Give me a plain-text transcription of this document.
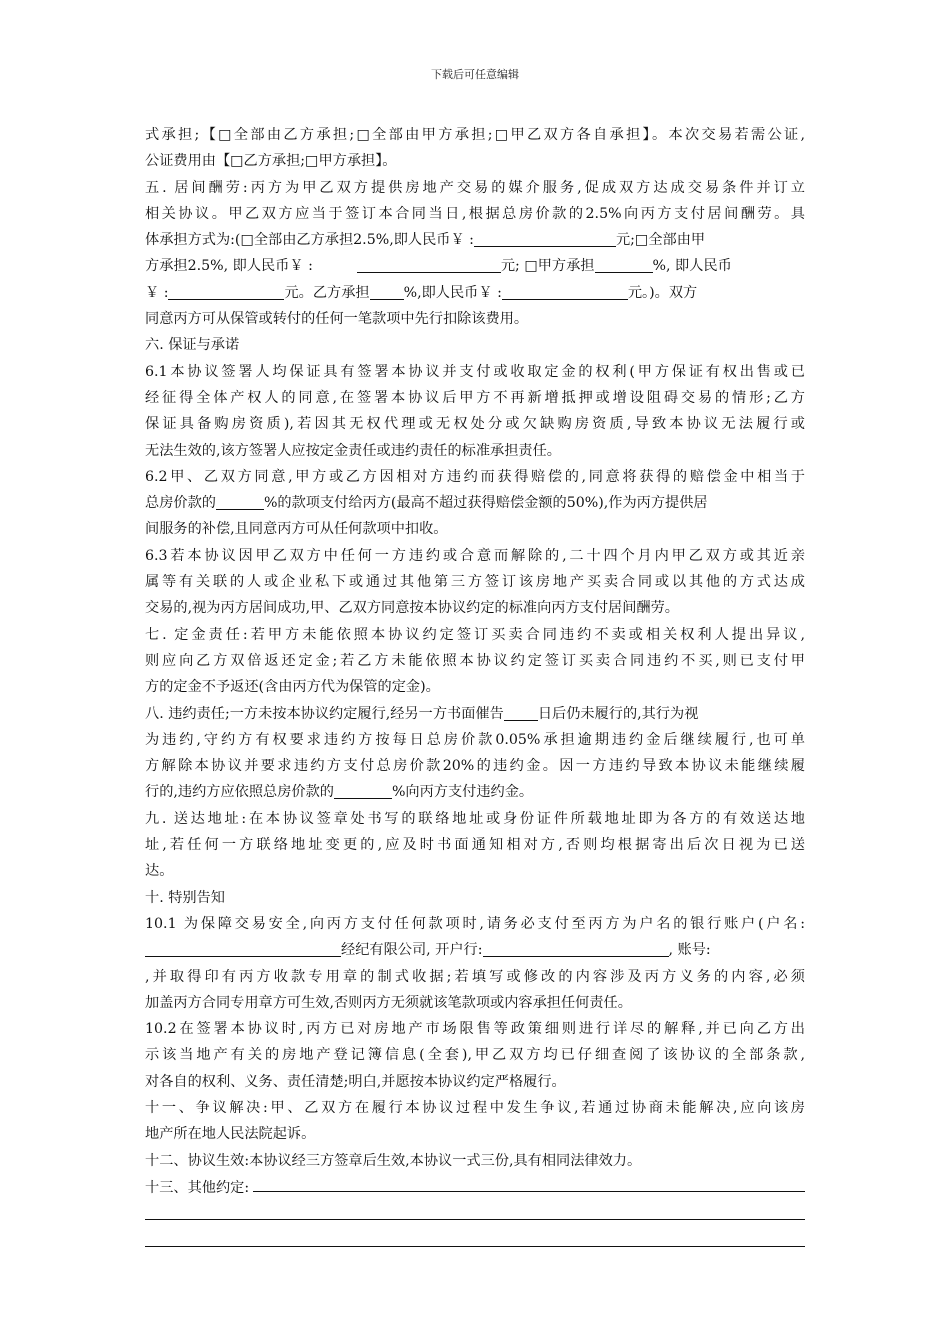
下载后可任意编辑
式承担;【□全部由乙方承担;□全部由甲方承担;□甲乙双方各自承担】。本次交易若需公证,
公证费用由【□乙方承担;□甲方承担】。
五. 居间酬劳:丙方为甲乙双方提供房地产交易的媒介服务,促成双方达成交易条件并订立
相关协议。甲乙双方应当于签订本合同当日,根据总房价款的2.5%向丙方支付居间酬劳。具
体承担方式为:(□全部由乙方承担2.5%,即人民币￥ :	元;□全部由甲
方承担2.5%, 即人民币￥ :	元; □甲方承担	%, 即人民币
￥ :	元。乙方承担 %,即人民币￥ :	元。)。双方
同意丙方可从保管或转付的任何一笔款项中先行扣除该费用。
六. 保证与承诺
6.1本协议签署人均保证具有签署本协议并支付或收取定金的权利(甲方保证有权出售或已
经征得全体产权人的同意,在签署本协议后甲方不再新增抵押或增设阻碍交易的情形;乙方
保证具备购房资质),若因其无权代理或无权处分或欠缺购房资质,导致本协议无法履行或
无法生效的,该方签署人应按定金责任或违约责任的标准承担责任。
6.2甲、乙双方同意,甲方或乙方因相对方违约而获得赔偿的,同意将获得的赔偿金中相当于
总房价款的	%的款项支付给丙方(最高不超过获得赔偿金额的50%),作为丙方提供居
间服务的补偿,且同意丙方可从任何款项中扣收。
6.3若本协议因甲乙双方中任何一方违约或合意而解除的,二十四个月内甲乙双方或其近亲
属等有关联的人或企业私下或通过其他第三方签订该房地产买卖合同或以其他的方式达成
交易的,视为丙方居间成功,甲、乙双方同意按本协议约定的标准向丙方支付居间酬劳。
七. 定金责任:若甲方未能依照本协议约定签订买卖合同违约不卖或相关权利人提出异议,
则应向乙方双倍返还定金;若乙方未能依照本协议约定签订买卖合同违约不买,则已支付甲
方的定金不予返还(含由丙方代为保管的定金)。
八. 违约责任;一方未按本协议约定履行,经另一方书面催告 日后仍未履行的,其行为视
为违约,守约方有权要求违约方按每日总房价款0.05%承担逾期违约金后继续履行,也可单
方解除本协议并要求违约方支付总房价款20%的违约金。因一方违约导致本协议未能继续履
行的,违约方应依照总房价款的	%向丙方支付违约金。
九. 送达地址:在本协议签章处书写的联络地址或身份证件所载地址即为各方的有效送达地
址,若任何一方联络地址变更的,应及时书面通知相对方,否则均根据寄出后次日视为已送
达。
十. 特别告知
10.1 为保障交易安全,向丙方支付任何款项时,请务必支付至丙方为户名的银行账户(户名:
经纪有限公司, 开户行:	, 账号:
,并取得印有丙方收款专用章的制式收据;若填写或修改的内容涉及丙方义务的内容,必须
加盖丙方合同专用章方可生效,否则丙方无须就该笔款项或内容承担任何责任。
10.2在签署本协议时,丙方已对房地产市场限售等政策细则进行详尽的解释,并已向乙方出
示该当地产有关的房地产登记簿信息(全套),甲乙双方均已仔细查阅了该协议的全部条款,
对各自的权利、义务、责任清楚;明白,并愿按本协议约定严格履行。
十一、争议解决:甲、乙双方在履行本协议过程中发生争议,若通过协商未能解决,应向该房
地产所在地人民法院起诉。
十二、协议生效:本协议经三方签章后生效,本协议一式三份,具有相同法律效力。
十三、其他约定:
